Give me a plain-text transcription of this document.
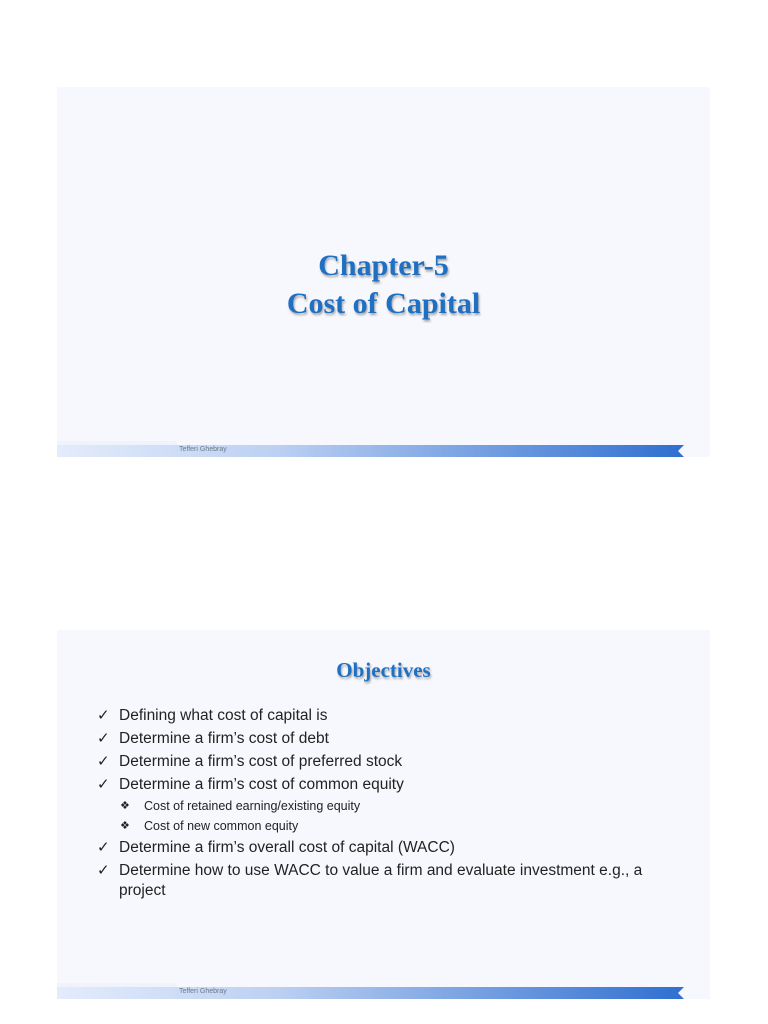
Chapter-5
Cost of Capital
Tefferi Ghebray
Objectives
✓ Defining what cost of capital is
✓ Determine a firm’s cost of debt
✓ Determine a firm’s cost of preferred stock
✓ Determine a firm’s cost of common equity
❖ Cost of retained earning/existing equity
❖ Cost of new common equity
✓ Determine a firm’s overall cost of capital (WACC)
✓ Determine how to use WACC to value a firm and evaluate investment e.g., a project
Tefferi Ghebray
